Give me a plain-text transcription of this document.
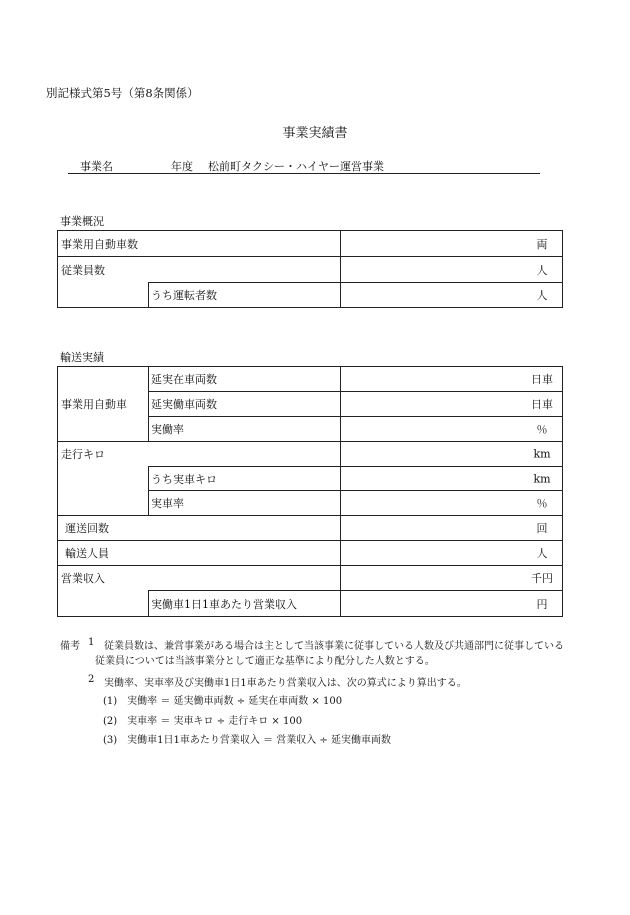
別記様式第5号（第8条関係）
事業実績書
事業名	年度 松前町タクシー・ハイヤー運営事業
事業概況
事業用自動車数	両
従業員数	人
うち運転者数	人
輸送実績
事業用自動車
延実在車両数	日車
延実働車両数	日車
実働率	％
走行キロ	km
うち実車キロ	km
実車率	％
運送回数	回
輸送人員	人
営業収入	千円
実働車1日1車あたり営業収入	円
備考 1 従業員数は、兼営事業がある場合は主として当該事業に従事している人数及び共通部門に従事している
従業員については当該事業分として適正な基準により配分した人数とする。
2 実働率、実車率及び実働車1日1車あたり営業収入は、次の算式により算出する。
(1)　実働率 ＝ 延実働車両数 ÷ 延実在車両数 × 100
(2)　実車率 ＝ 実車キロ ÷ 走行キロ × 100
(3)　実働車1日1車あたり営業収入 ＝ 営業収入 ÷ 延実働車両数
